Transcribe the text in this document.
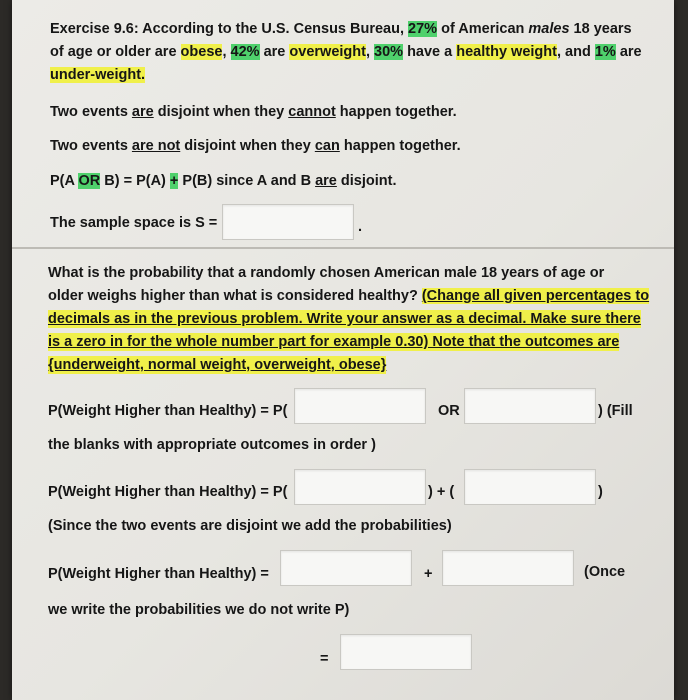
Exercise 9.6: According to the U.S. Census Bureau, 27% of American males 18 years
of age or older are obese, 42% are overweight, 30% have a healthy weight, and 1% are
under-weight.
Two events are disjoint when they cannot happen together.
Two events are not disjoint when they can happen together.
P(A OR B) = P(A) + P(B) since A and B are disjoint.
The sample space is S =	.
What is the probability that a randomly chosen American male 18 years of age or
older weighs higher than what is considered healthy? (Change all given percentages to
decimals as in the previous problem. Write your answer as a decimal. Make sure there
is a zero in for the whole number part for example 0.30) Note that the outcomes are
{underweight, normal weight, overweight, obese}
P(Weight Higher than Healthy) = P(	OR	) (Fill
the blanks with appropriate outcomes in order )
P(Weight Higher than Healthy) = P(	) + (	)
(Since the two events are disjoint we add the probabilities)
P(Weight Higher than Healthy) =	+	(Once
we write the probabilities we do not write P)
=
